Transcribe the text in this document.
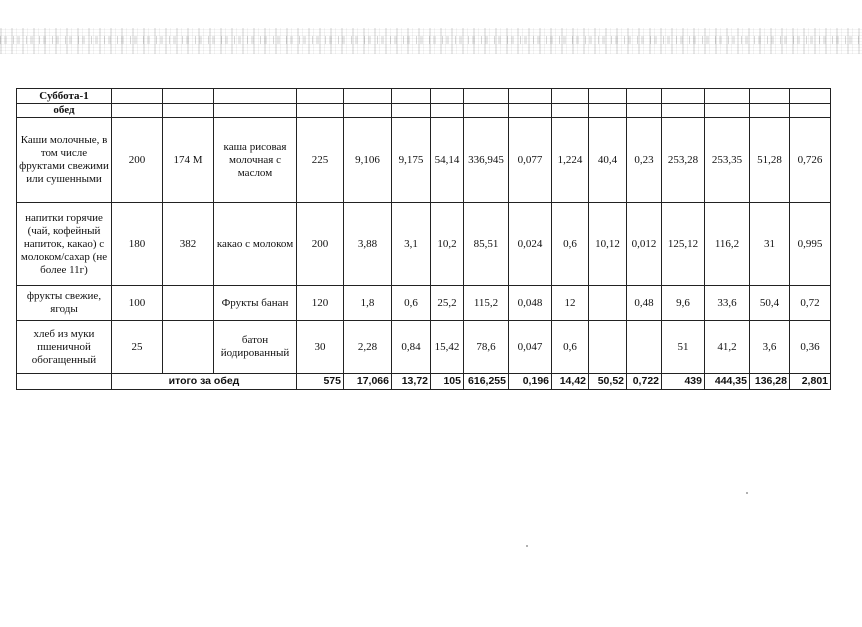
Суббота-1																
обед																
Каши молочные, в том числе фруктами свежими или сушенными	200	174 М	каша рисовая молочная с маслом	225	9,106	9,175	54,14	336,945	0,077	1,224	40,4	0,23	253,28	253,35	51,28	0,726
напитки горячие (чай, кофейный напиток, какао) с молоком/сахар (не более 11г)	180	382	какао с молоком	200	3,88	3,1	10,2	85,51	0,024	0,6	10,12	0,012	125,12	116,2	31	0,995
фрукты свежие, ягоды	100		Фрукты банан	120	1,8	0,6	25,2	115,2	0,048	12		0,48	9,6	33,6	50,4	0,72
хлеб из муки пшеничной обогащенный	25		батон йодированный	30	2,28	0,84	15,42	78,6	0,047	0,6			51	41,2	3,6	0,36
	итого за обед			575	17,066	13,72	105	616,255	0,196	14,42	50,52	0,722	439	444,35	136,28	2,801
